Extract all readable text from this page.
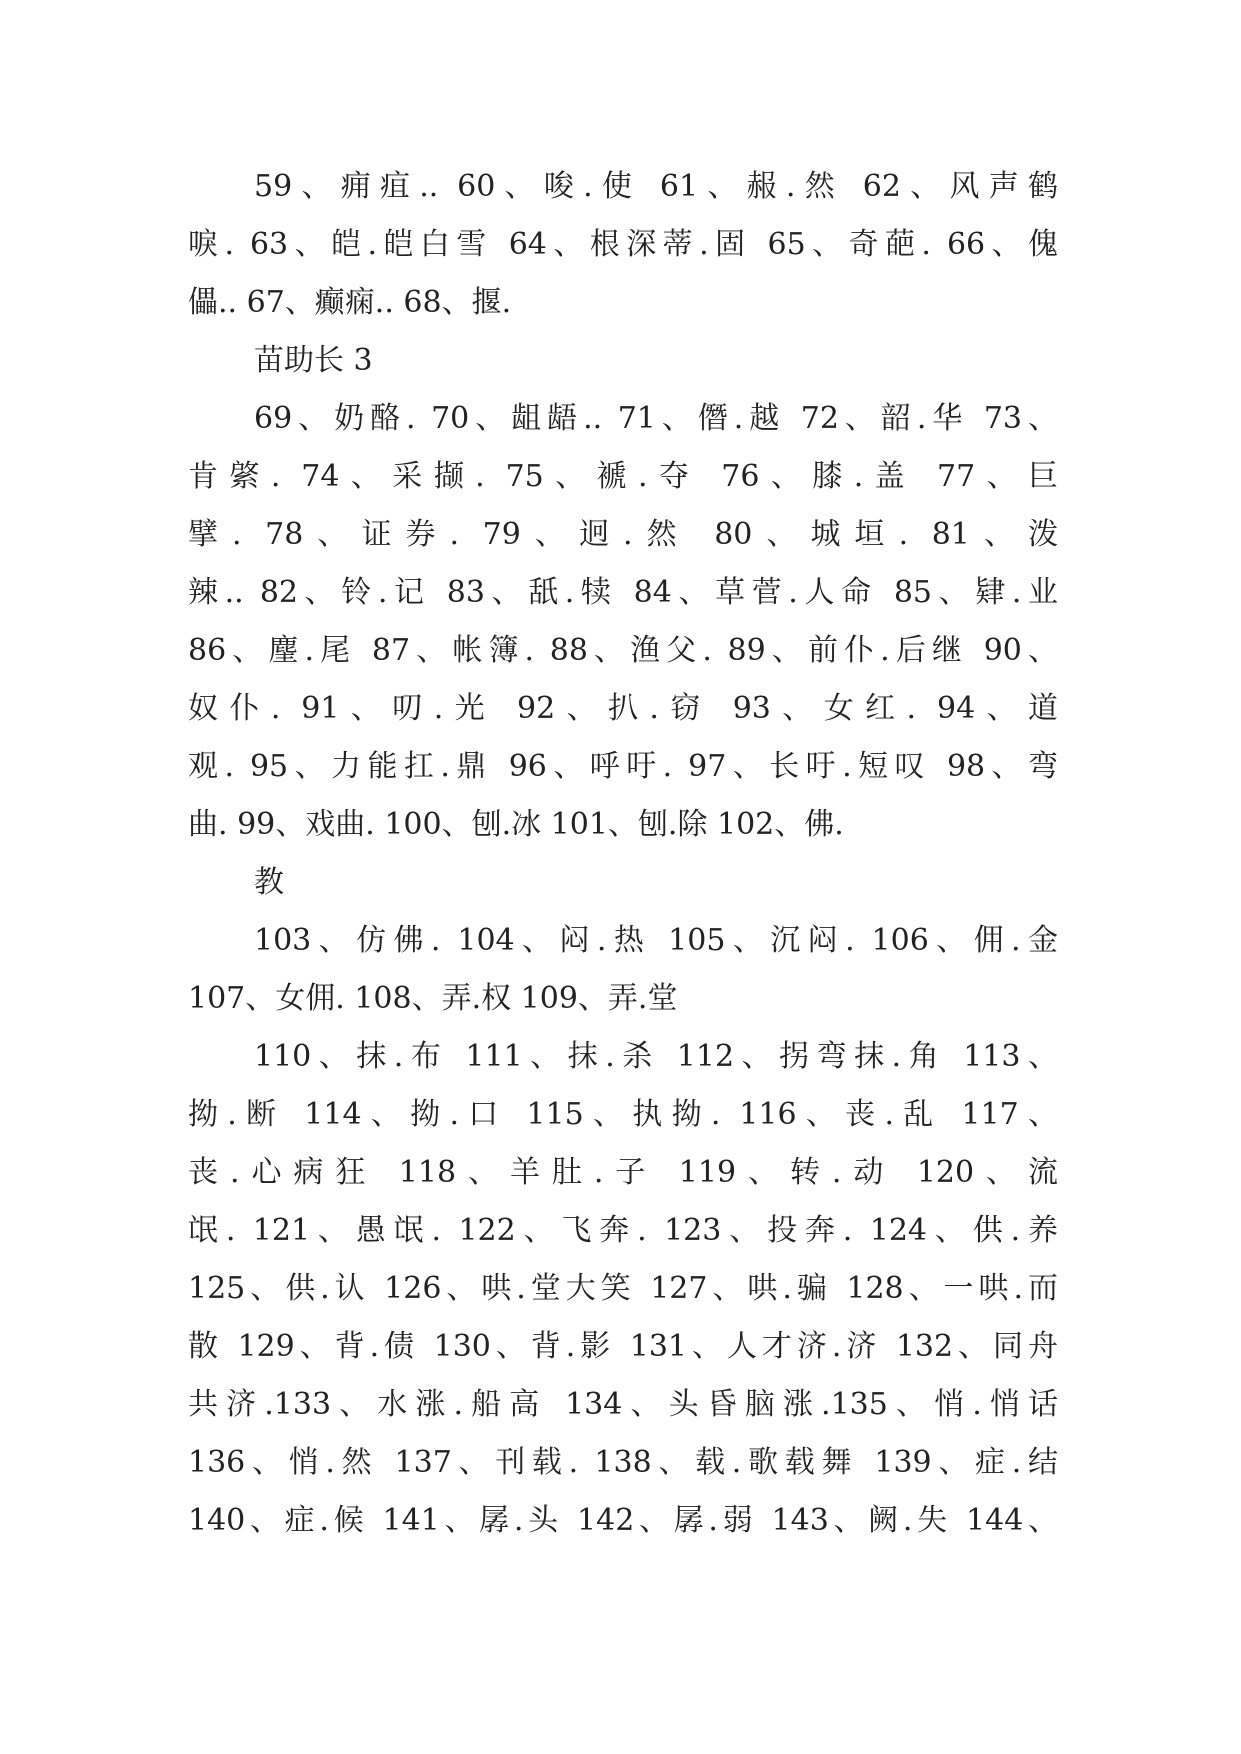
59、痈疽.. 60、唆.使 61、赧.然 62、风声鹤
唳. 63、皑.皑白雪 64、根深蒂.固 65、奇葩. 66、傀
儡.. 67、癫痫.. 68、揠.
苗助长 3
69、奶酪. 70、龃龉.. 71、僭.越 72、韶.华 73、
肯綮. 74、采撷. 75、褫.夺 76、膝.盖 77、巨
擘. 78、证券. 79、迥.然 80、城垣. 81、泼
辣.. 82、铃.记 83、舐.犊 84、草菅.人命 85、肄.业
86、麈.尾 87、帐簿. 88、渔父. 89、前仆.后继 90、
奴仆. 91、叨.光 92、扒.窃 93、女红. 94、道
观. 95、力能扛.鼎 96、呼吁. 97、长吁.短叹 98、弯
曲. 99、戏曲. 100、刨.冰 101、刨.除 102、佛.
教
103、仿佛. 104、闷.热 105、沉闷. 106、佣.金
107、女佣. 108、弄.权 109、弄.堂
110、抹.布 111、抹.杀 112、拐弯抹.角 113、
拗.断 114、拗.口 115、执拗. 116、丧.乱 117、
丧.心病狂 118、羊肚.子 119、转.动 120、流
氓. 121、愚氓. 122、飞奔. 123、投奔. 124、供.养
125、供.认 126、哄.堂大笑 127、哄.骗 128、一哄.而
散 129、背.债 130、背.影 131、人才济.济 132、同舟
共济.133、水涨.船高 134、头昏脑涨.135、悄.悄话
136、悄.然 137、刊载. 138、载.歌载舞 139、症.结
140、症.候 141、孱.头 142、孱.弱 143、阙.失 144、
